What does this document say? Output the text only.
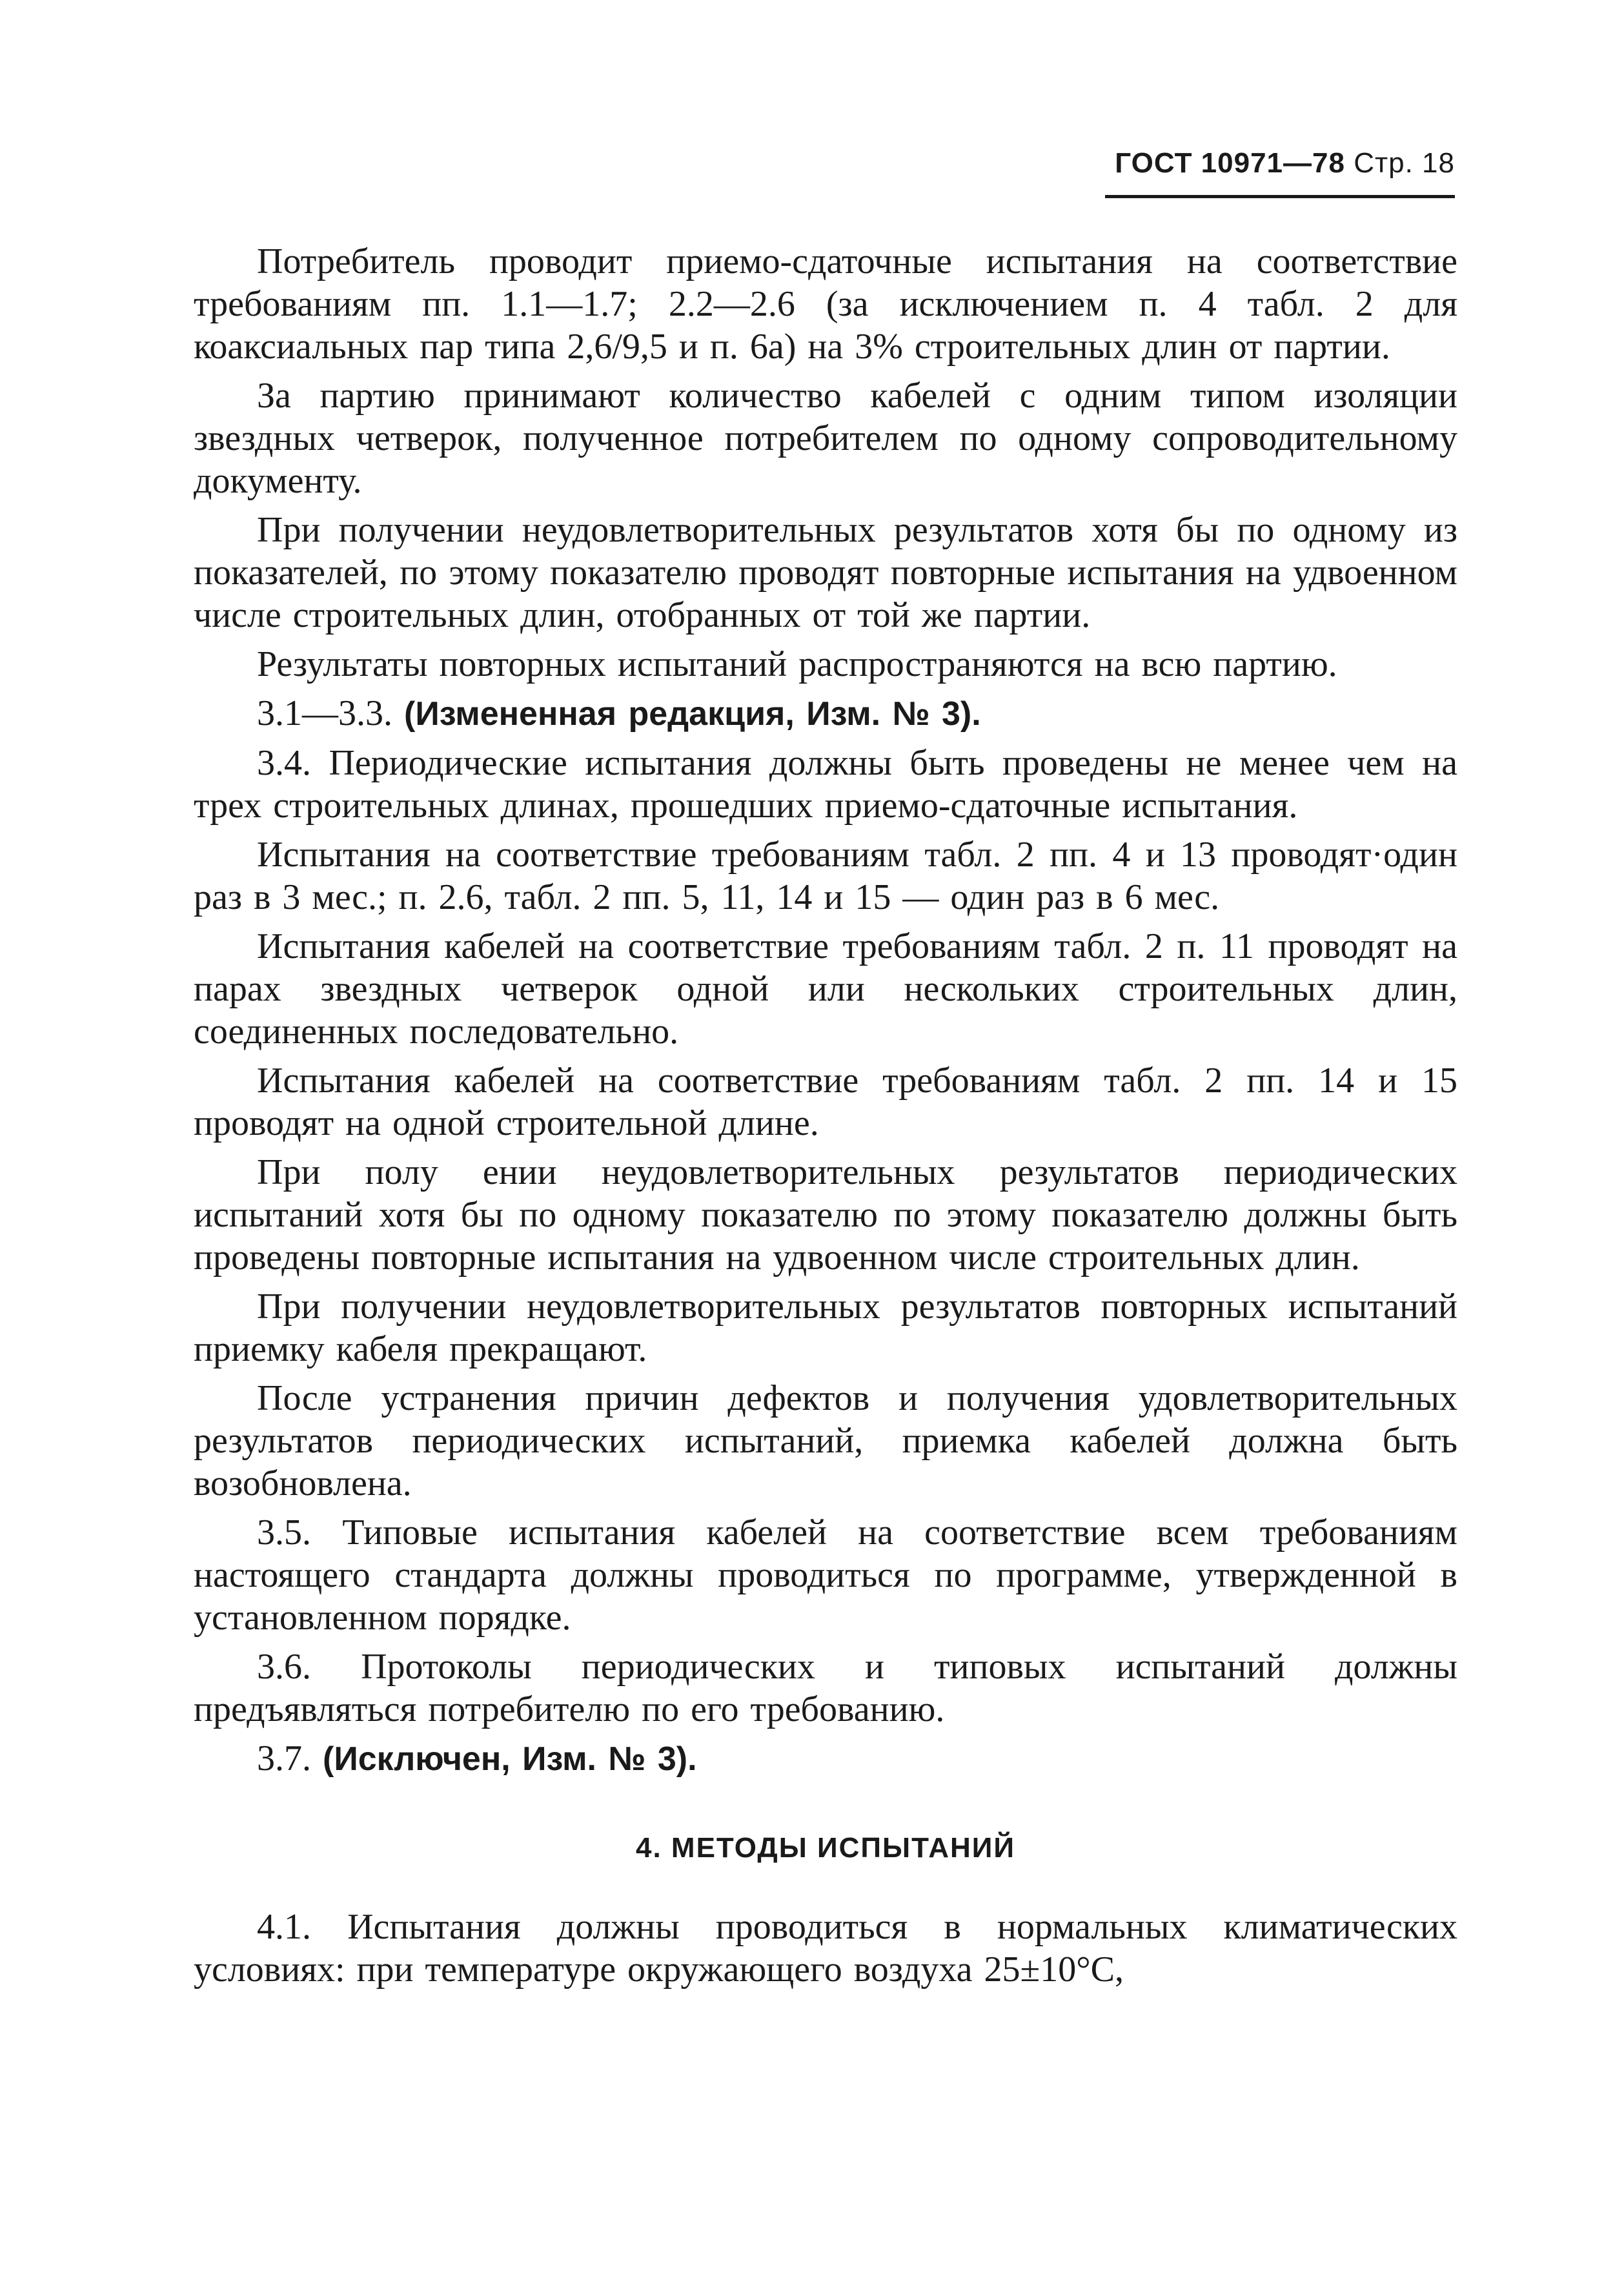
ГОСТ 10971—78 Стр. 18

Потребитель проводит приемо-сдаточные испытания на соответствие требованиям пп. 1.1—1.7; 2.2—2.6 (за исключением п. 4 табл. 2 для коаксиальных пар типа 2,6/9,5 и п. 6а) на 3% строительных длин от партии.

За партию принимают количество кабелей с одним типом изоляции звездных четверок, полученное потребителем по одному сопроводительному документу.

При получении неудовлетворительных результатов хотя бы по одному из показателей, по этому показателю проводят повторные испытания на удвоенном числе строительных длин, отобранных от той же партии.

Результаты повторных испытаний распространяются на всю партию.

3.1—3.3. (Измененная редакция, Изм. № 3).

3.4. Периодические испытания должны быть проведены не менее чем на трех строительных длинах, прошедших приемо-сдаточные испытания.

Испытания на соответствие требованиям табл. 2 пп. 4 и 13 проводят·один раз в 3 мес.; п. 2.6, табл. 2 пп. 5, 11, 14 и 15 — один раз в 6 мес.

Испытания кабелей на соответствие требованиям табл. 2 п. 11 проводят на парах звездных четверок одной или нескольких строительных длин, соединенных последовательно.

Испытания кабелей на соответствие требованиям табл. 2 пп. 14 и 15 проводят на одной строительной длине.

При полу ении неудовлетворительных результатов периодических испытаний хотя бы по одному показателю по этому показателю должны быть проведены повторные испытания на удвоенном числе строительных длин.

При получении неудовлетворительных результатов повторных испытаний приемку кабеля прекращают.

После устранения причин дефектов и получения удовлетворительных результатов периодических испытаний, приемка кабелей должна быть возобновлена.

3.5. Типовые испытания кабелей на соответствие всем требованиям настоящего стандарта должны проводиться по программе, утвержденной в установленном порядке.

3.6. Протоколы периодических и типовых испытаний должны предъявляться потребителю по его требованию.

3.7. (Исключен, Изм. № 3).

4. МЕТОДЫ ИСПЫТАНИЙ

4.1. Испытания должны проводиться в нормальных климатических условиях: при температуре окружающего воздуха 25±10°С,
